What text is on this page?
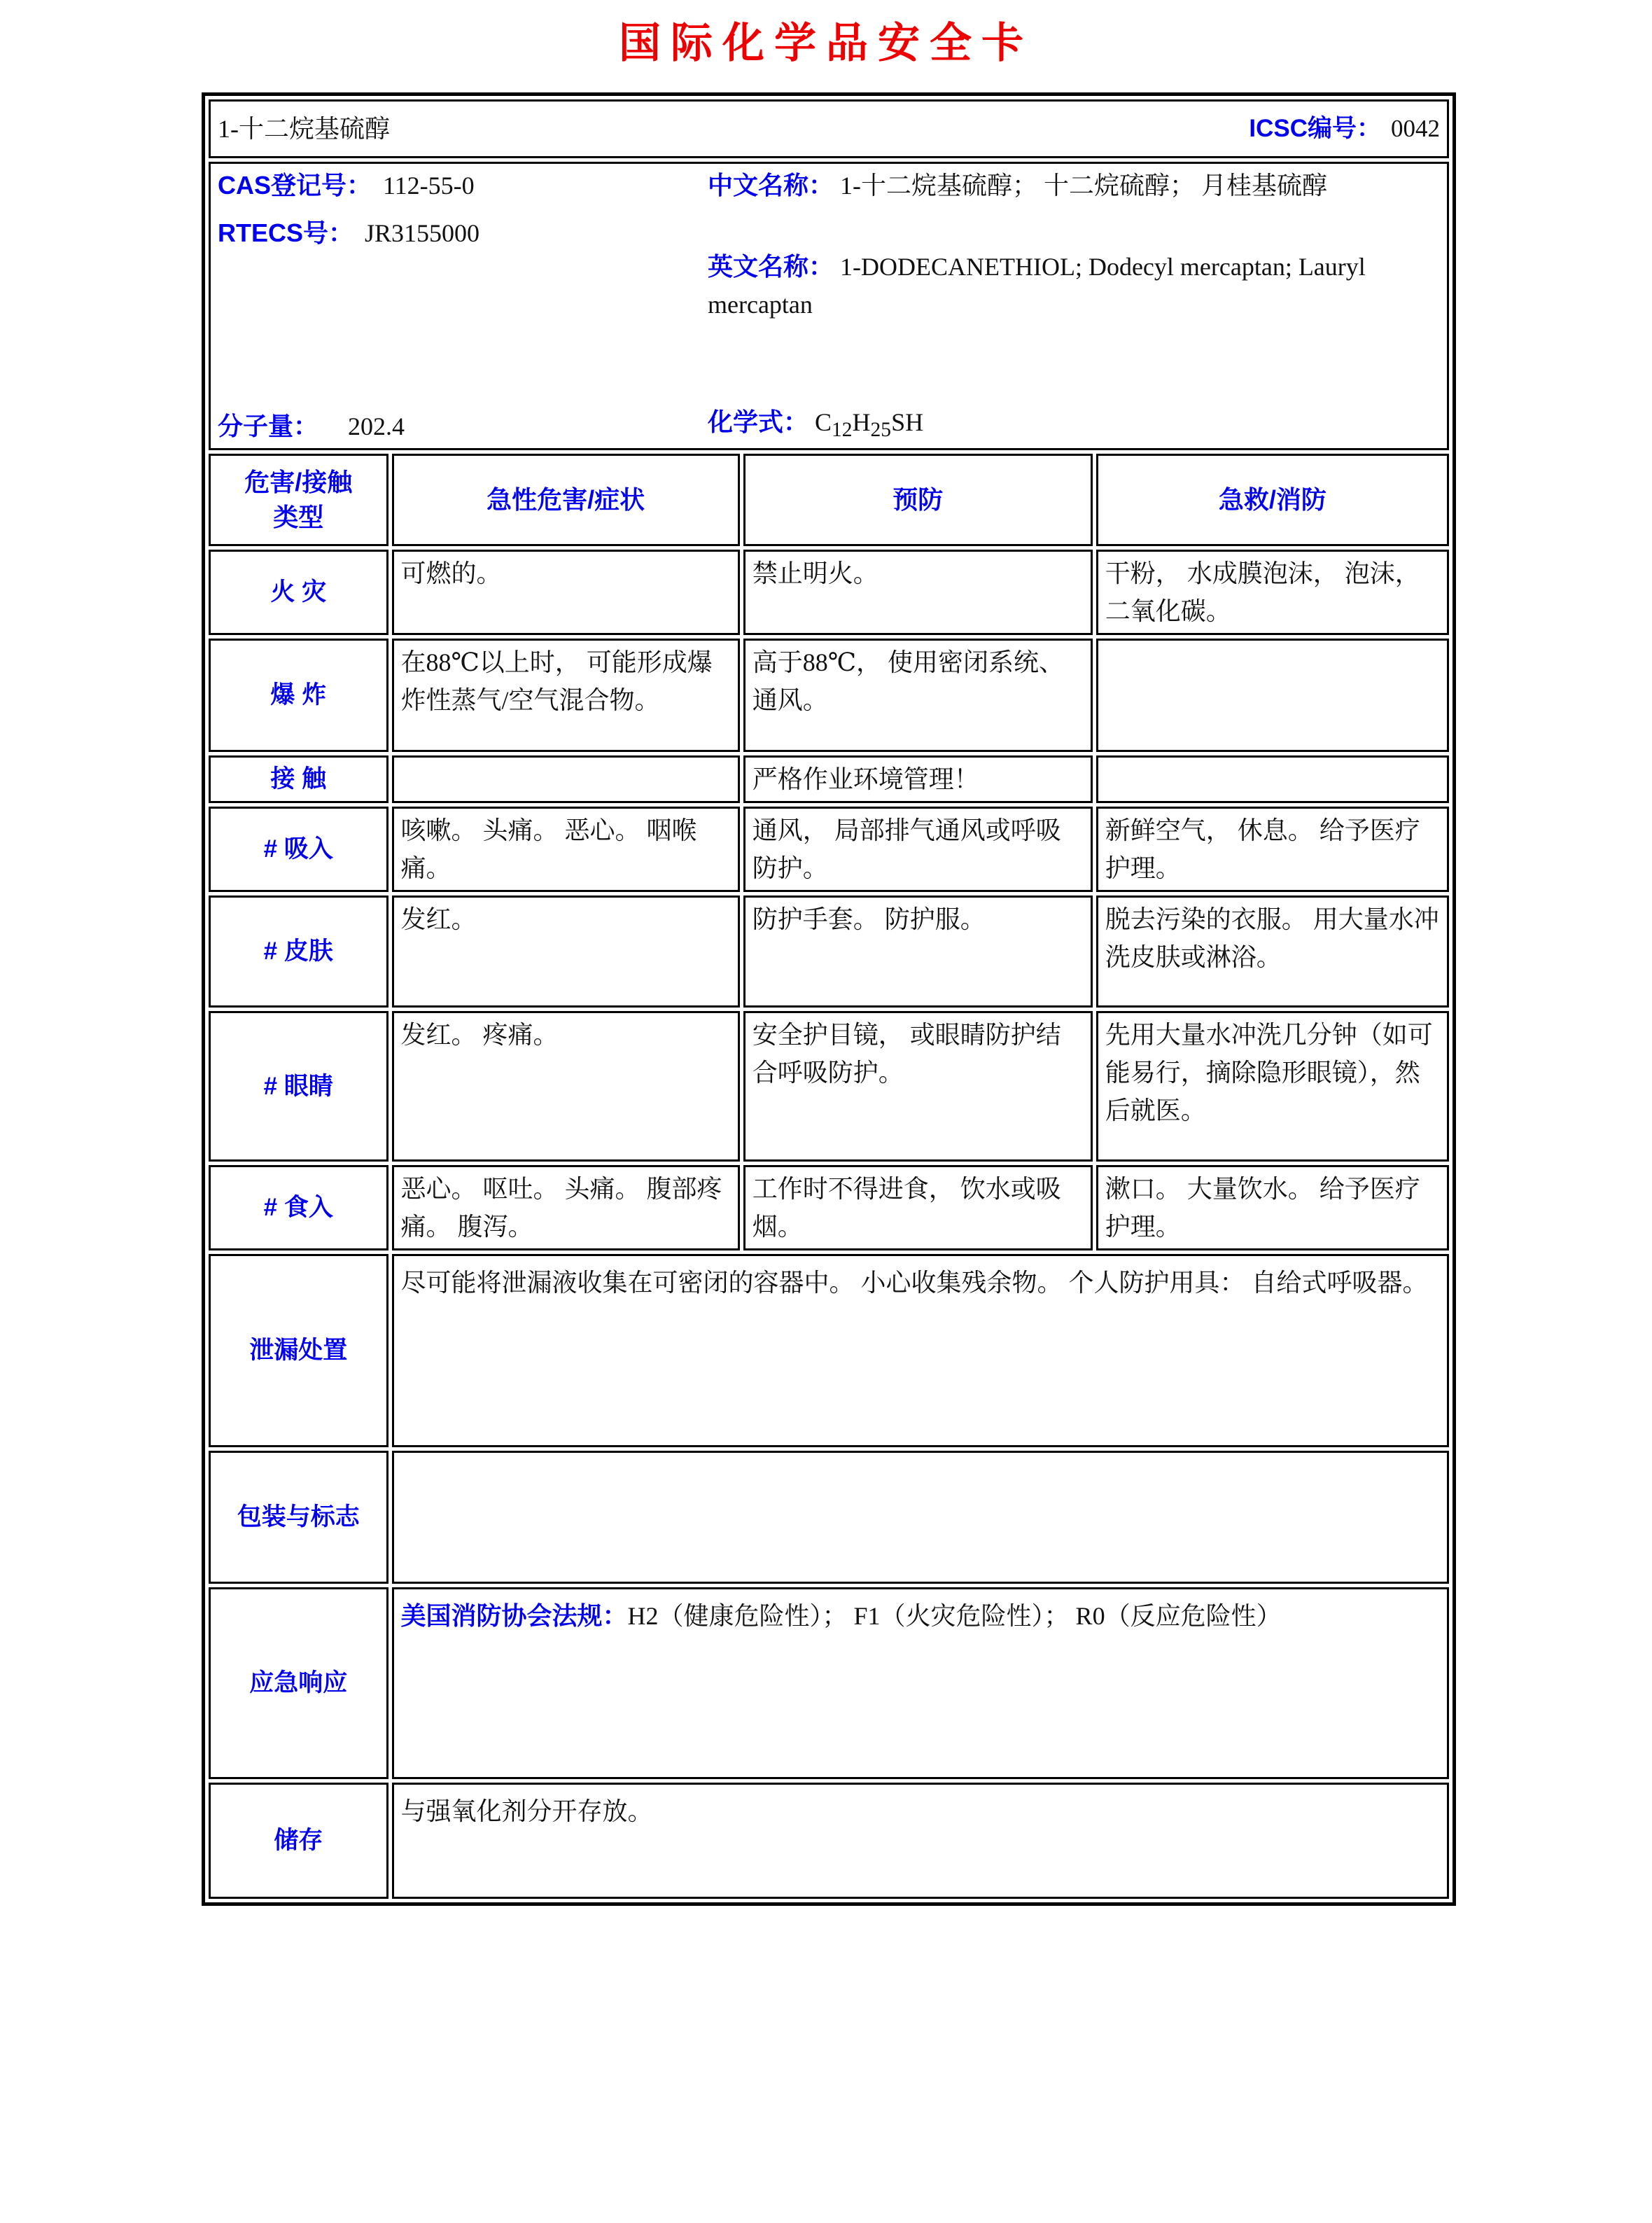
国际化学品安全卡
1-十二烷基硫醇 ICSC编号： 0042			

CAS登记号： 112-55-0
RTECS号： JR3155000
分子量： 202.4
中文名称： 1-十二烷基硫醇； 十二烷硫醇； 月桂基硫醇
英文名称： 1-DODECANETHIOL; Dodecyl mercaptan; Lauryl mercaptan
化学式： $C_{12}H_{25}SH$

危害/接触
类型	急性危害/症状	预防	急救/消防
火 灾	可燃的。	禁止明火。	干粉， 水成膜泡沫， 泡沫， 二氧化碳。
爆 炸	在88℃以上时， 可能形成爆炸性蒸气/空气混合物。	高于88℃， 使用密闭系统、 通风。	
接 触		严格作业环境管理！	
# 吸入	咳嗽。 头痛。 恶心。 咽喉痛。	通风， 局部排气通风或呼吸防护。	新鲜空气， 休息。 给予医疗护理。
# 皮肤	发红。	防护手套。 防护服。	脱去污染的衣服。 用大量水冲洗皮肤或淋浴。
# 眼睛	发红。 疼痛。	安全护目镜， 或眼睛防护结合呼吸防护。	先用大量水冲洗几分钟（如可能易行，摘除隐形眼镜），然后就医。
# 食入	恶心。 呕吐。 头痛。 腹部疼痛。 腹泻。	工作时不得进食， 饮水或吸烟。	漱口。 大量饮水。 给予医疗护理。
泄漏处置	尽可能将泄漏液收集在可密闭的容器中。 小心收集残余物。 个人防护用具： 自给式呼吸器。		
包装与标志			
应急响应	美国消防协会法规：H2（健康危险性）； F1（火灾危险性）； R0（反应危险性）		
储存	与强氧化剂分开存放。		
